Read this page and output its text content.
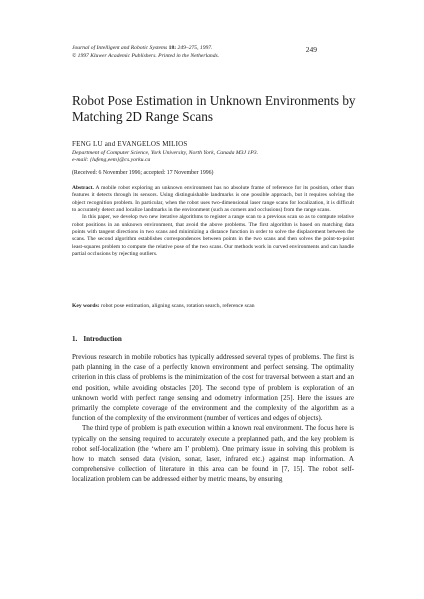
Journal of Intelligent and Robotic Systems 18: 249–275, 1997.
© 1997 Kluwer Academic Publishers. Printed in the Netherlands.
249
Robot Pose Estimation in Unknown Environments by Matching 2D Range Scans
FENG LU and EVANGELOS MILIOS
Department of Computer Science, York University, North York, Canada M3J 1P3.
e-mail: {lufeng,eem}@cs.yorku.ca
(Received: 6 November 1996; accepted: 17 November 1996)

Abstract. A mobile robot exploring an unknown environment has no absolute frame of reference for its position, other than features it detects through its sensors. Using distinguishable landmarks is one possible approach, but it requires solving the object recognition problem. In particular, when the robot uses two-dimensional laser range scans for localization, it is difficult to accurately detect and localize landmarks in the environment (such as corners and occlusions) from the range scans.

In this paper, we develop two new iterative algorithms to register a range scan to a previous scan so as to compute relative robot positions in an unknown environment, that avoid the above problems. The first algorithm is based on matching data points with tangent directions in two scans and minimizing a distance function in order to solve the displacement between the scans. The second algorithm establishes correspondences between points in the two scans and then solves the point-to-point least-squares problem to compute the relative pose of the two scans. Our methods work in curved environments and can handle partial occlusions by rejecting outliers.

Key words: robot pose estimation, aligning scans, rotation search, reference scan
1. Introduction

Previous research in mobile robotics has typically addressed several types of problems. The first is path planning in the case of a perfectly known environment and perfect sensing. The optimality criterion in this class of problems is the minimization of the cost for traversal between a start and an end position, while avoiding obstacles [20]. The second type of problem is exploration of an unknown world with perfect range sensing and odometry information [25]. Here the issues are primarily the complete coverage of the environment and the complexity of the algorithm as a function of the complexity of the environment (number of vertices and edges of objects).

The third type of problem is path execution within a known real environment. The focus here is typically on the sensing required to accurately execute a preplanned path, and the key problem is robot self-localization (the ‘where am I’ problem). One primary issue in solving this problem is how to match sensed data (vision, sonar, laser, infrared etc.) against map information. A comprehensive collection of literature in this area can be found in [7, 15]. The robot self-localization problem can be addressed either by metric means, by ensuring
